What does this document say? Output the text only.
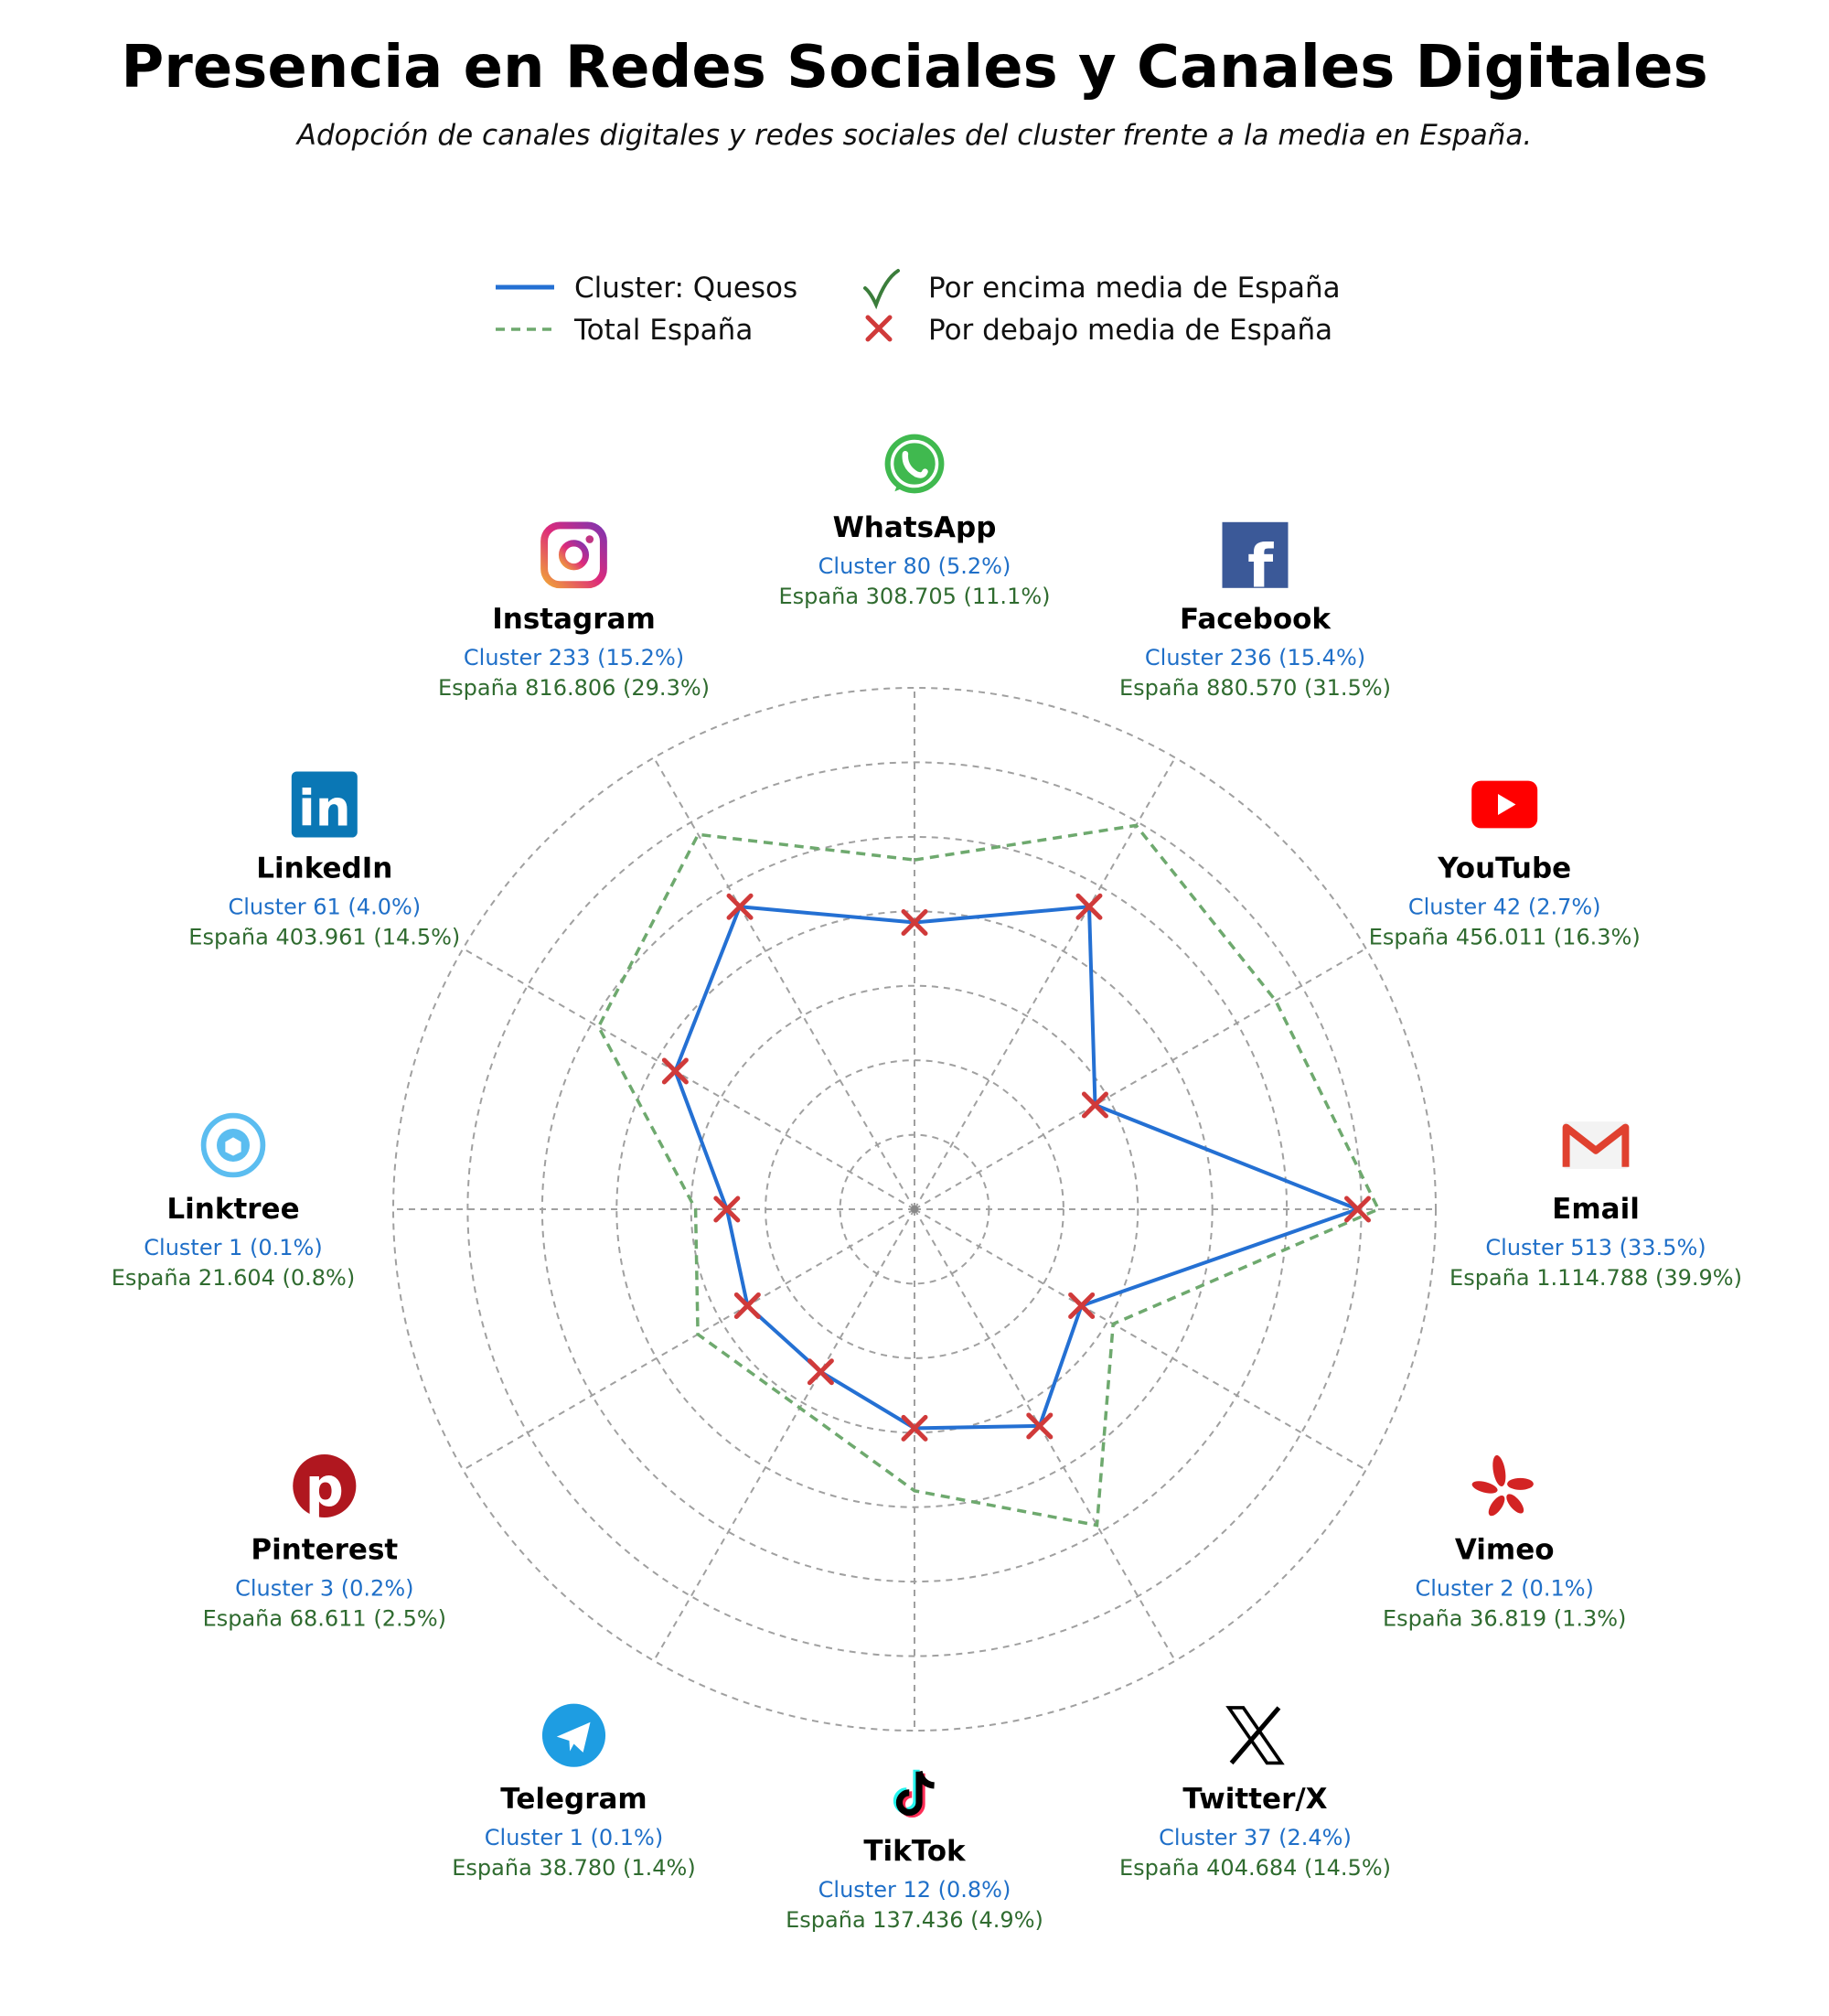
Presencia en Redes Sociales y Canales Digitales
Adopción de canales digitales y redes sociales del cluster frente a la media en España.
Cluster: Quesos
Total España
Por encima media de España
Por debajo media de España
WhatsApp
Cluster 80 (5.2%)
España 308.705 (11.1%)	f
Facebook
Cluster 236 (15.4%)
España 880.570 (31.5%)
YouTube
Cluster 42 (2.7%)
España 456.011 (16.3%)
Email
Cluster 513 (33.5%)
España 1.114.788 (39.9%)
Vimeo
Cluster 2 (0.1%)
España 36.819 (1.3%)
Twitter/X
Cluster 37 (2.4%)
España 404.684 (14.5%)
TikTok
Cluster 12 (0.8%)
España 137.436 (4.9%)
Telegram
Cluster 1 (0.1%)
España 38.780 (1.4%)
p
Pinterest
Cluster 3 (0.2%)
España 68.611 (2.5%)
Linktree
Cluster 1 (0.1%)
España 21.604 (0.8%)
in
LinkedIn
Cluster 61 (4.0%)
España 403.961 (14.5%)
Instagram
Cluster 233 (15.2%)
España 816.806 (29.3%)
